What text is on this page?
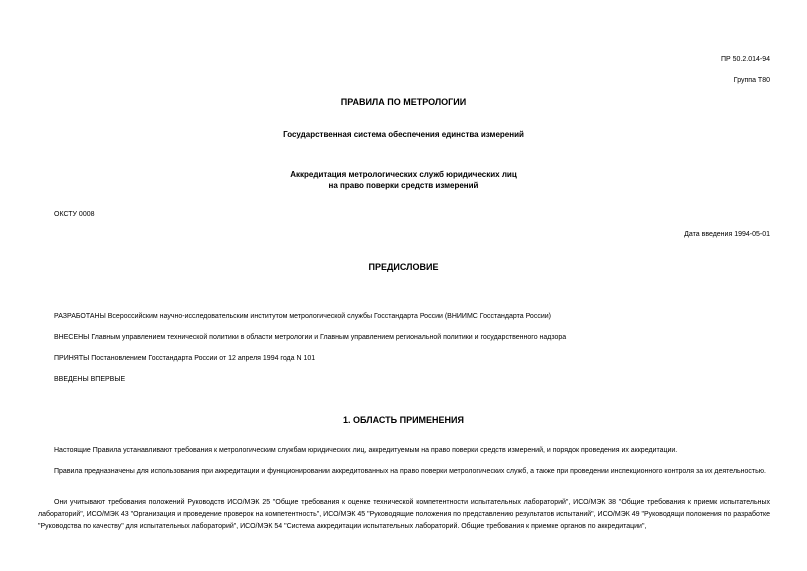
ПР 50.2.014-94

Группа Т80

ПРАВИЛА ПО МЕТРОЛОГИИ

Государственная система обеспечения единства измерений

Аккредитация метрологических служб юридических лиц

на право поверки средств измерений

ОКСТУ 0008

Дата введения 1994-05-01

ПРЕДИСЛОВИЕ

РАЗРАБОТАНЫ Всероссийским научно-исследовательским институтом метрологической службы Госстандарта России (ВНИИМС Госстандарта России)

ВНЕСЕНЫ Главным управлением технической политики в области метрологии и Главным управлением региональной политики и государственного надзора

ПРИНЯТЫ Постановлением Госстандарта России от 12 апреля 1994 года N 101

ВВЕДЕНЫ ВПЕРВЫЕ

1. ОБЛАСТЬ ПРИМЕНЕНИЯ

Настоящие Правила устанавливают требования к метрологическим службам юридических лиц, аккредитуемым на право поверки средств измерений, и порядок проведения их аккредитации.

Правила предназначены для использования при аккредитации и функционировании аккредитованных на право поверки метрологических служб, а также при проведении инспекционного контроля за их деятельностью.

Они учитывают требования положений Руководств ИСО/МЭК 25 "Общие требования к оценке технической компетентности испытательных лабораторий", ИСО/МЭК 38 "Общие требования к приемк испытательных лабораторий", ИСО/МЭК 43 "Организация и проведение проверок на компетентность", ИСО/МЭК 45 "Руководящие положения по представлению результатов испытаний", ИСО/МЭК 49 "Руководящи положения по разработке "Руководства по качеству" для испытательных лабораторий", ИСО/МЭК 54 "Система аккредитации испытательных лабораторий. Общие требования к приемке органов по аккредитации",
